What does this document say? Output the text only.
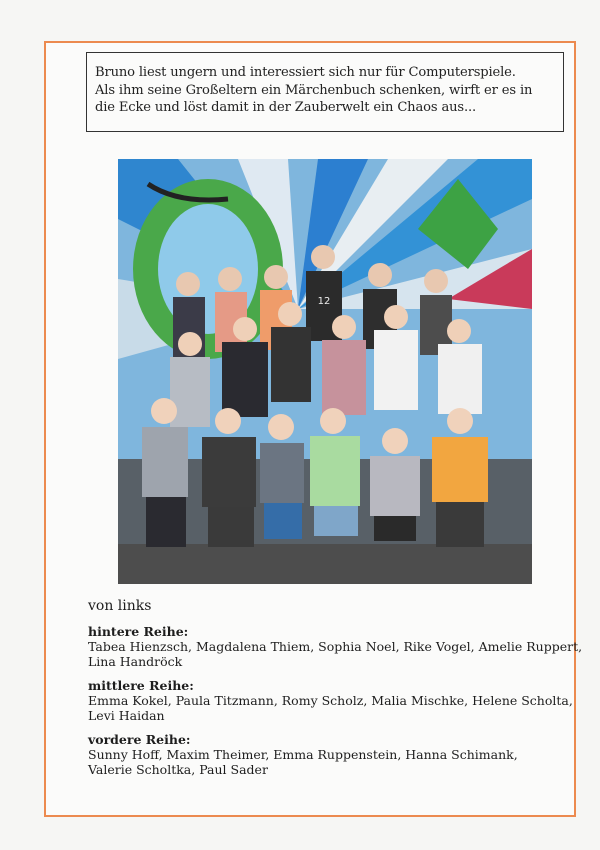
Bruno liest ungern und interessiert sich nur für Computerspiele.
Als ihm seine Großeltern ein Märchenbuch schenken, wirft er es in
die Ecke und löst damit in der Zauberwelt ein Chaos aus...
12

von links

hintere Reihe:
Tabea Hienzsch, Magdalena Thiem, Sophia Noel, Rike Vogel, Amelie Ruppert,
Lina Handröck
mittlere Reihe:
Emma Kokel, Paula Titzmann, Romy Scholz, Malia Mischke, Helene Scholta,
Levi Haidan
vordere Reihe:
Sunny Hoff, Maxim Theimer, Emma Ruppenstein, Hanna Schimank,
Valerie Scholtka, Paul Sader
